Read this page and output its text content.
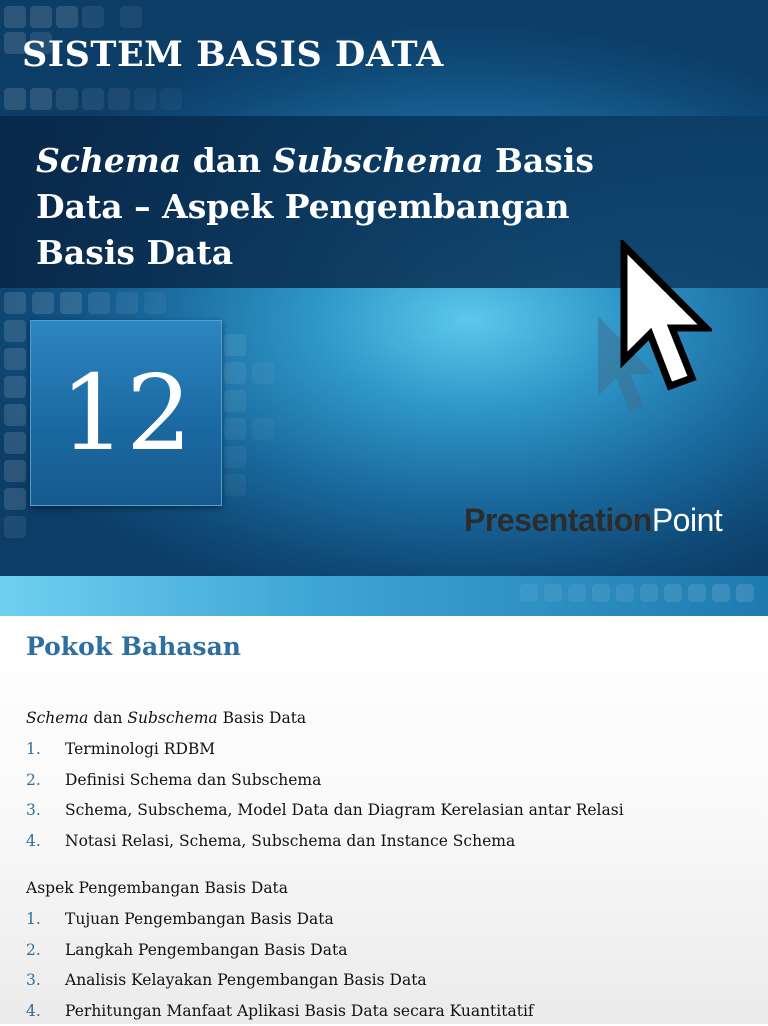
SISTEM BASIS DATA
Schema dan Subschema Basis Data – Aspek Pengembangan Basis Data
12
PresentationPoint
Pokok Bahasan
Schema dan Subschema Basis Data
1.	Terminologi RDBM
2.	Definisi Schema dan Subschema
3.	Schema, Subschema, Model Data dan Diagram Kerelasian antar Relasi
4.	Notasi Relasi, Schema, Subschema dan Instance Schema
Aspek Pengembangan Basis Data
1.	Tujuan Pengembangan Basis Data
2.	Langkah Pengembangan Basis Data
3.	Analisis Kelayakan Pengembangan Basis Data
4.	Perhitungan Manfaat Aplikasi Basis Data secara Kuantitatif
